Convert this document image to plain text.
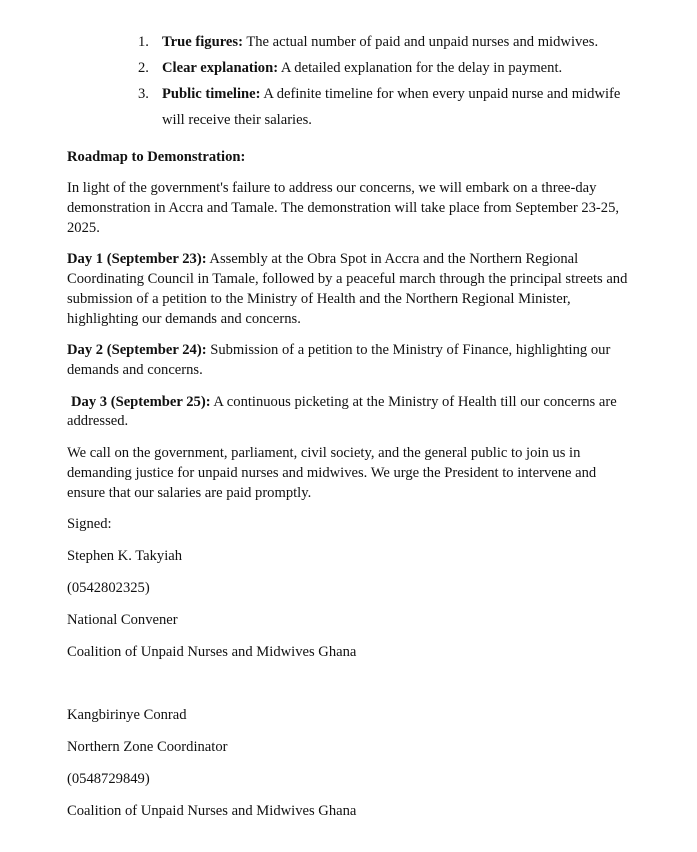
1. True figures: The actual number of paid and unpaid nurses and midwives.
2. Clear explanation: A detailed explanation for the delay in payment.
3. Public timeline: A definite timeline for when every unpaid nurse and midwife
will receive their salaries.
Roadmap to Demonstration:
In light of the government's failure to address our concerns, we will embark on a three-day
demonstration in Accra and Tamale. The demonstration will take place from September 23-25,
2025.
Day 1 (September 23): Assembly at the Obra Spot in Accra and the Northern Regional
Coordinating Council in Tamale, followed by a peaceful march through the principal streets and
submission of a petition to the Ministry of Health and the Northern Regional Minister,
highlighting our demands and concerns.
Day 2 (September 24): Submission of a petition to the Ministry of Finance, highlighting our
demands and concerns.
Day 3 (September 25): A continuous picketing at the Ministry of Health till our concerns are
addressed.
We call on the government, parliament, civil society, and the general public to join us in
demanding justice for unpaid nurses and midwives. We urge the President to intervene and
ensure that our salaries are paid promptly.
Signed:
Stephen K. Takyiah
(0542802325)
National Convener
Coalition of Unpaid Nurses and Midwives Ghana
Kangbirinye Conrad
Northern Zone Coordinator
(0548729849)
Coalition of Unpaid Nurses and Midwives Ghana
